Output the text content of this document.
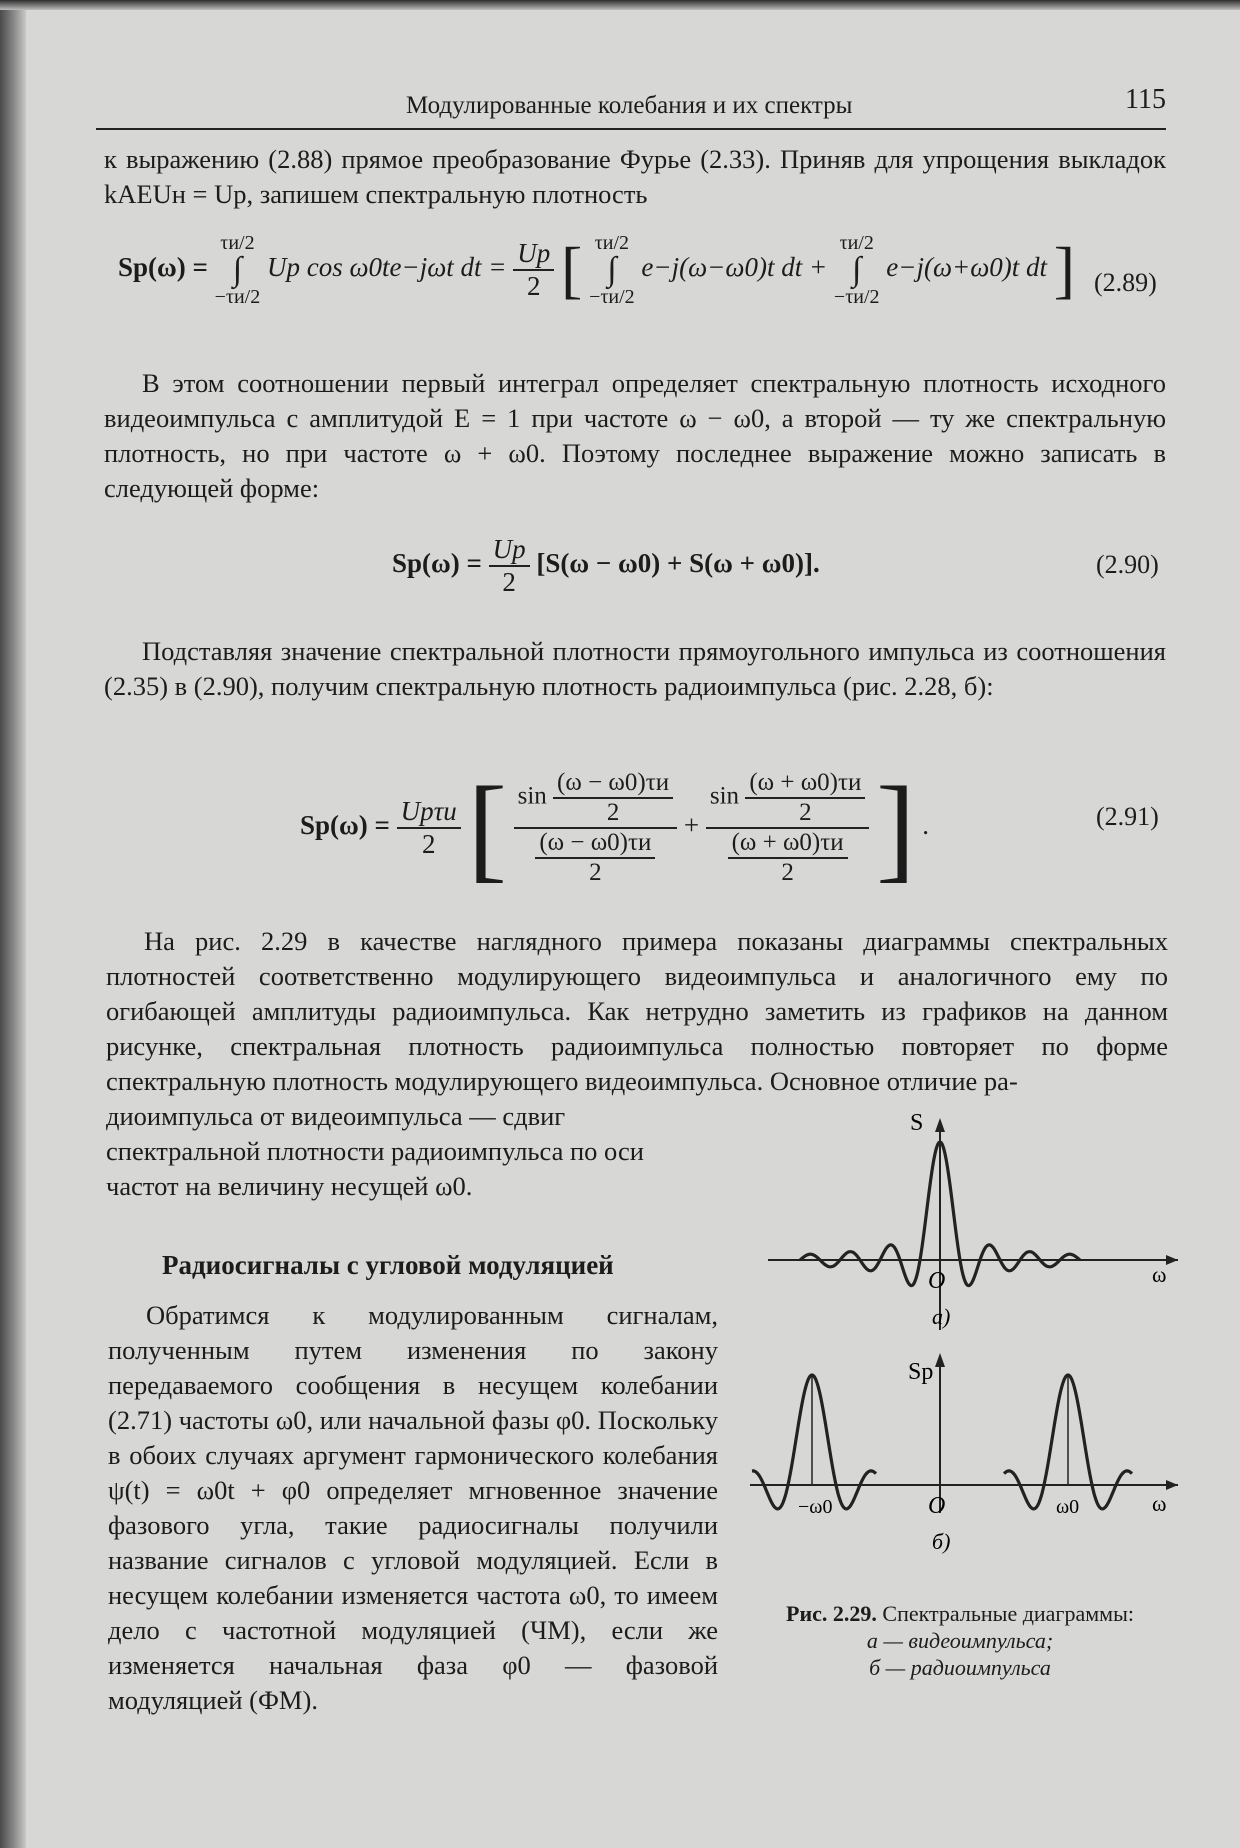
Модулированные колебания и их спектры	115

к выражению (2.88) прямое преобразование Фурье (2.33). Приняв для упрощения выкладок kAEUн = Uр, запишем спектральную плотность

Sр(ω) =
τи/2
∫
−τи/2
Uр cos ω0te−jωt dt = $\frac{Uр}{2}$ [ τи/2
∫
−τи/2
e−j(ω−ω0)t dt +
τи/2
∫
−τи/2
e−j(ω+ω0)t dt ] (2.89)

В этом соотношении первый интеграл определяет спектральную плотность исходного видеоимпульса с амплитудой E = 1 при частоте ω − ω0, а второй — ту же спектральную плотность, но при частоте ω + ω0. Поэтому последнее выражение можно записать в следующей форме:

$Sр(\omega) = \frac{Uр}{2} [S(\omega - \omega 0) + S(\omega + \omega 0)]$.	(2.90)

Подставляя значение спектральной плотности прямоугольного импульса из соотношения (2.35) в (2.90), получим спектральную плотность радиоимпульса (рис. 2.28, б):

$Sр(\omega) = \frac{\text{Uрτи}}{2}$ [ $\frac{\sin \frac{(\omega - \omega 0)\tau и}{2}}{\frac{(\omega - \omega 0)\tau и}{2}} + \frac{\sin \frac{(\omega + \omega 0)\tau и}{2}}{\frac{(\omega + \omega 0)\tau и}{2}}$ ] .	(2.91)

На рис. 2.29 в качестве наглядного примера показаны диаграммы спектральных плотностей соответственно модулирующего видеоимпульса и аналогичного ему по огибающей амплитуды радиоимпульса. Как нетрудно заметить из графиков на данном рисунке, спектральная плотность радиоимпульса полностью повторяет по форме спектральную плотность модулирующего видеоимпульса. Основное отличие ра-

диоимпульса от видеоимпульса — сдвиг спектральной плотности радиоимпульса по оси частот на величину несущей ω0.

Радиосигналы с угловой модуляцией

Обратимся к модулированным сигналам, полученным путем изменения по закону передаваемого сообщения в несущем колебании (2.71) частоты ω0, или начальной фазы φ0. Поскольку в обоих случаях аргумент гармонического колебания ψ(t) = ω0t + φ0 определяет мгновенное значение фазового угла, такие радиосигналы получили название сигналов с угловой модуляцией. Если в несущем колебании изменяется частота ω0, то имеем дело с частотной модуляцией (ЧМ), если же изменяется начальная фаза φ0 — фазовой модуляцией (ФМ).

S
O	ω
а)
Sр
O
−ω0	ω0	ω
б)
Рис. 2.29. Спектральные диаграммы:
а — видеоимпульса;
б — радиоимпульса
